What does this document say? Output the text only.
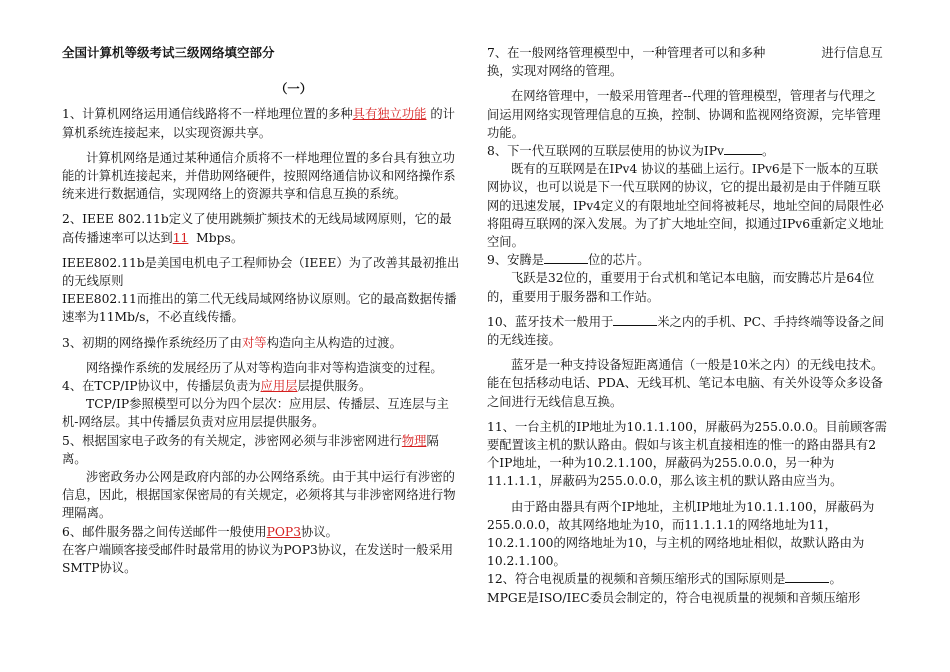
全国计算机等级考试三级网络填空部分

（一）

1、计算机网络运用通信线路将不一样地理位置的多种具有独立功能 的计算机系统连接起来，以实现资源共享。

计算机网络是通过某种通信介质将不一样地理位置的多台具有独立功能的计算机连接起来，并借助网络硬件，按照网络通信协议和网络操作系统来进行数据通信，实现网络上的资源共享和信息互换的系统。

2、IEEE 802.11b定义了使用跳频扩频技术的无线局域网原则，它的最高传播速率可以达到11 Mbps。

IEEE802.11b是美国电机电子工程师协会（IEEE）为了改善其最初推出的无线原则

IEEE802.11而推出的第二代无线局域网络协议原则。它的最高数据传播速率为11Mb/s，不必直线传播。

3、初期的网络操作系统经历了由对等构造向主从构造的过渡。

网络操作系统的发展经历了从对等构造向非对等构造演变的过程。

4、在TCP/IP协议中，传播层负责为应用层层提供服务。

TCP/IP参照模型可以分为四个层次：应用层、传播层、互连层与主机-网络层。其中传播层负责对应用层提供服务。

5、根据国家电子政务的有关规定，涉密网必须与非涉密网进行物理隔离。

涉密政务办公网是政府内部的办公网络系统。由于其中运行有涉密的信息，因此，根据国家保密局的有关规定，必须将其与非涉密网络进行物理隔离。

6、邮件服务器之间传送邮件一般使用POP3协议。

在客户端顾客接受邮件时最常用的协议为POP3协议，在发送时一般采用SMTP协议。

7、在一般网络管理模型中，一种管理者可以和多种	进行信息互换，实现对网络的管理。

在网络管理中，一般采用管理者--代理的管理模型，管理者与代理之间运用网络实现管理信息的互换，控制、协调和监视网络资源，完毕管理功能。

8、下一代互联网的互联层使用的协议为IPv	。

既有的互联网是在IPv4 协议的基础上运行。IPv6是下一版本的互联网协议，也可以说是下一代互联网的协议，它的提出最初是由于伴随互联网的迅速发展，IPv4定义的有限地址空间将被耗尽，地址空间的局限性必将阻碍互联网的深入发展。为了扩大地址空间，拟通过IPv6重新定义地址空间。

9、安腾是	位的芯片。

飞跃是32位的，重要用于台式机和笔记本电脑，而安腾芯片是64位的，重要用于服务器和工作站。

10、蓝牙技术一般用于	米之内的手机、PC、手持终端等设备之间的无线连接。

蓝牙是一种支持设备短距离通信（一般是10米之内）的无线电技术。能在包括移动电话、PDA、无线耳机、笔记本电脑、有关外设等众多设备之间进行无线信息互换。

11、一台主机的IP地址为10.1.1.100，屏蔽码为255.0.0.0。目前顾客需要配置该主机的默认路由。假如与该主机直接相连的惟一的路由器具有2个IP地址，一种为10.2.1.100，屏蔽码为255.0.0.0，另一种为11.1.1.1，屏蔽码为255.0.0.0，那么该主机的默认路由应当为。

由于路由器具有两个IP地址，主机IP地址为10.1.1.100，屏蔽码为255.0.0.0，故其网络地址为10，而11.1.1.1的网络地址为11，10.2.1.100的网络地址为10，与主机的网络地址相似，故默认路由为10.2.1.100。

12、符合电视质量的视频和音频压缩形式的国际原则是	。

MPGE是ISO/IEC委员会制定的，符合电视质量的视频和音频压缩形
